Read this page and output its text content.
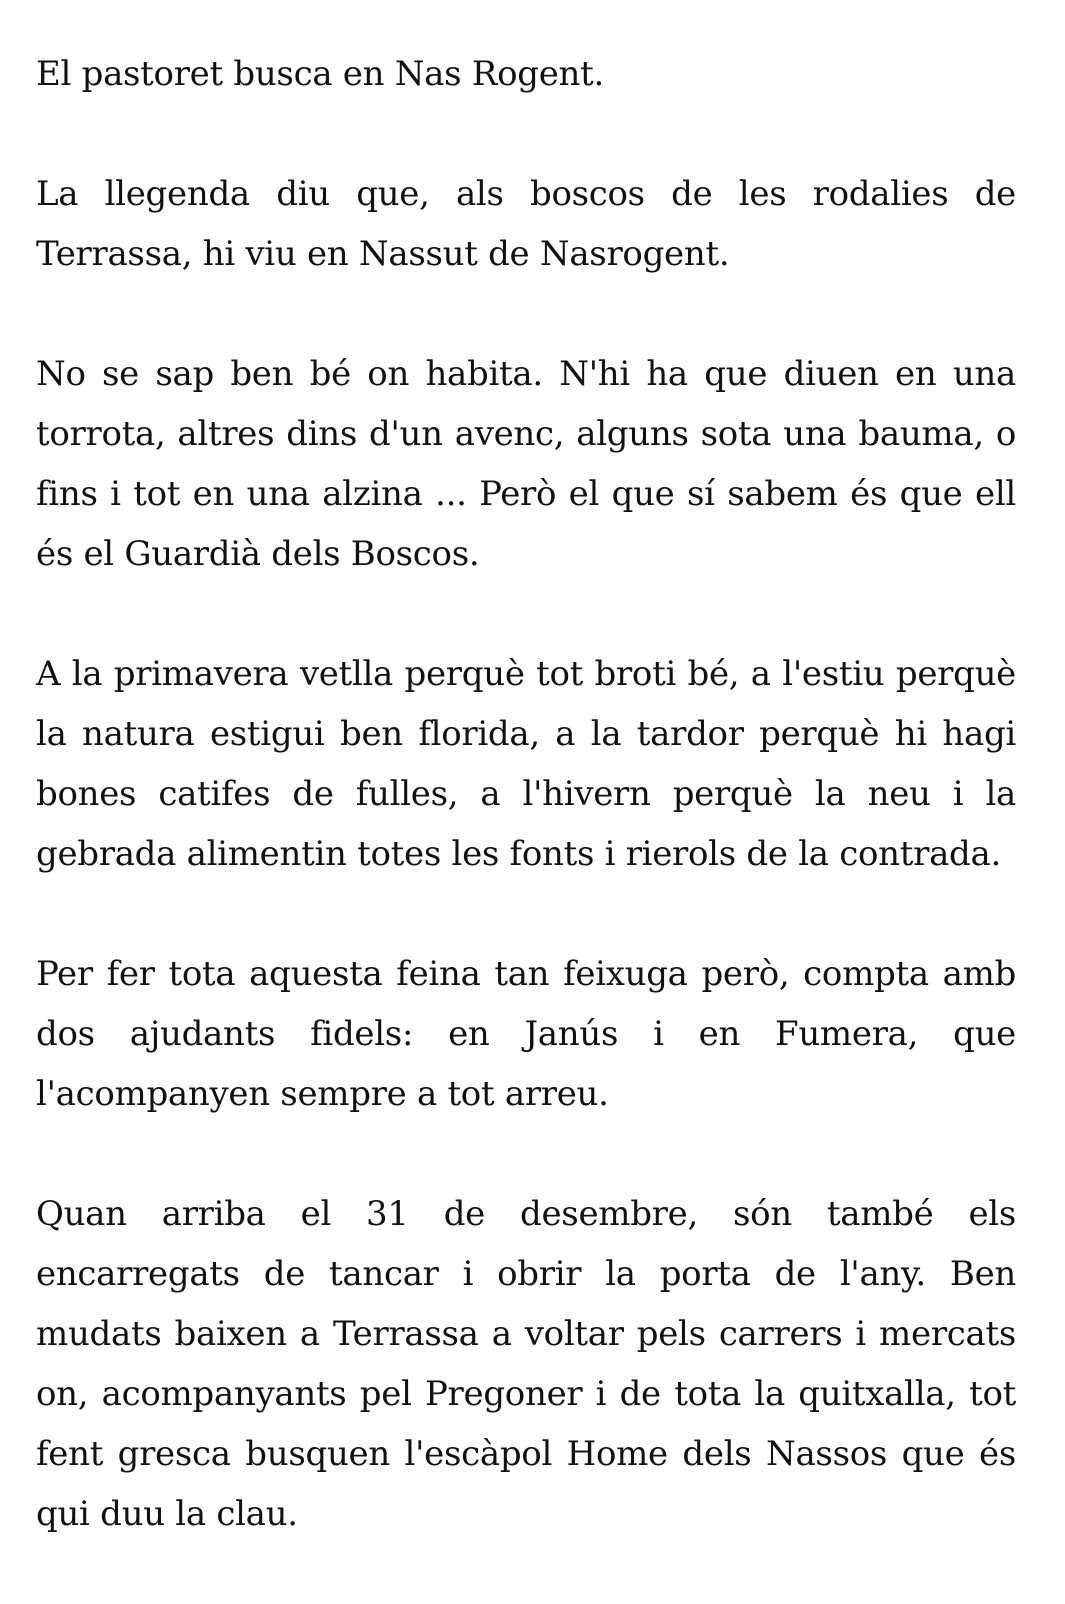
El pastoret busca en Nas Rogent.

La llegenda diu que, als boscos de les rodalies de Terrassa, hi viu en Nassut de Nasrogent.

No se sap ben bé on habita. N'hi ha que diuen en una torrota, altres dins d'un avenc, alguns sota una bauma, o fins i tot en una alzina ... Però el que sí sabem és que ell és el Guardià dels Boscos.

A la primavera vetlla perquè tot broti bé, a l'estiu perquè la natura estigui ben florida, a la tardor perquè hi hagi bones catifes de fulles, a l'hivern perquè la neu i la gebrada alimentin totes les fonts i rierols de la contrada.

Per fer tota aquesta feina tan feixuga però, compta amb dos ajudants fidels: en Janús i en Fumera, que l'acompanyen sempre a tot arreu.

Quan arriba el 31 de desembre, són també els encarregats de tancar i obrir la porta de l'any. Ben mudats baixen a Terrassa a voltar pels carrers i mercats on, acompanyants pel Pregoner i de tota la quitxalla, tot fent gresca busquen l'escàpol Home dels Nassos que és qui duu la clau.
